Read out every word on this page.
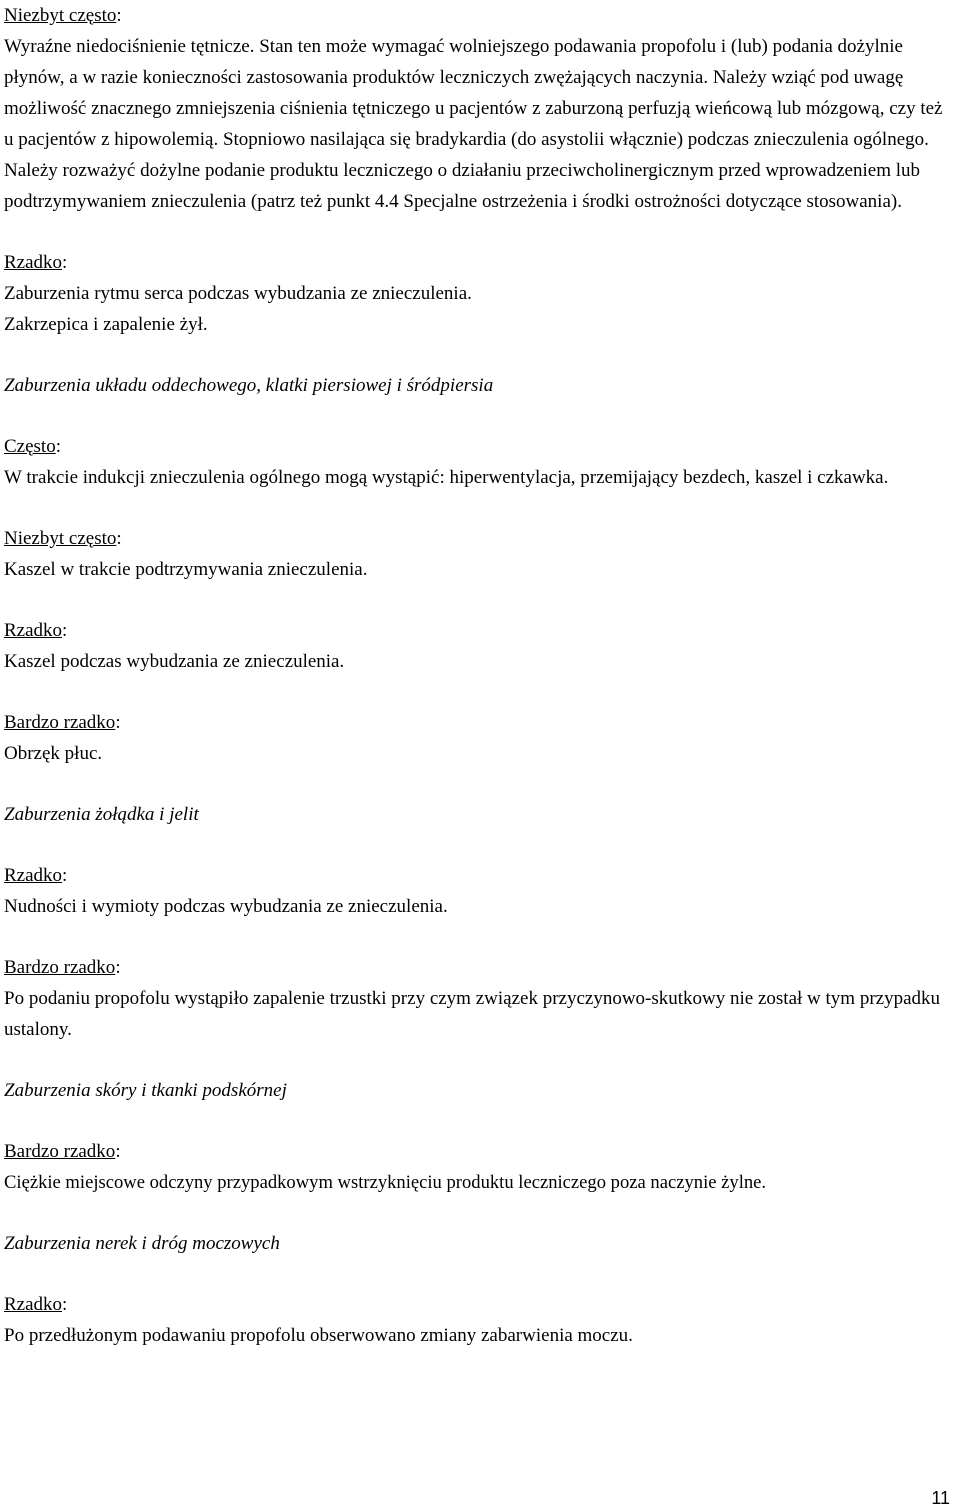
Niezbyt często:

Wyraźne niedociśnienie tętnicze. Stan ten może wymagać wolniejszego podawania propofolu i (lub) podania dożylnie płynów, a w razie konieczności zastosowania produktów leczniczych zwężających naczynia. Należy wziąć pod uwagę możliwość znacznego zmniejszenia ciśnienia tętniczego u pacjentów z zaburzoną perfuzją wieńcową lub mózgową, czy też u pacjentów z hipowolemią. Stopniowo nasilająca się bradykardia (do asystolii włącznie) podczas znieczulenia ogólnego. Należy rozważyć dożylne podanie produktu leczniczego o działaniu przeciwcholinergicznym przed wprowadzeniem lub podtrzymywaniem znieczulenia (patrz też punkt 4.4 Specjalne ostrzeżenia i środki ostrożności dotyczące stosowania).

Rzadko:

Zaburzenia rytmu serca podczas wybudzania ze znieczulenia.
Zakrzepica i zapalenie żył.

Zaburzenia układu oddechowego, klatki piersiowej i śródpiersia

Często:

W trakcie indukcji znieczulenia ogólnego mogą wystąpić: hiperwentylacja, przemijający bezdech, kaszel i czkawka.

Niezbyt często:

Kaszel w trakcie podtrzymywania znieczulenia.

Rzadko:

Kaszel podczas wybudzania ze znieczulenia.

Bardzo rzadko:

Obrzęk płuc.

Zaburzenia żołądka i jelit

Rzadko:

Nudności i wymioty podczas wybudzania ze znieczulenia.

Bardzo rzadko:

Po podaniu propofolu wystąpiło zapalenie trzustki przy czym związek przyczynowo-skutkowy nie został w tym przypadku ustalony.

Zaburzenia skóry i tkanki podskórnej

Bardzo rzadko:

Ciężkie miejscowe odczyny przypadkowym wstrzyknięciu produktu leczniczego poza naczynie żylne.

Zaburzenia nerek i dróg moczowych

Rzadko:

Po przedłużonym podawaniu propofolu obserwowano zmiany zabarwienia moczu.

11
